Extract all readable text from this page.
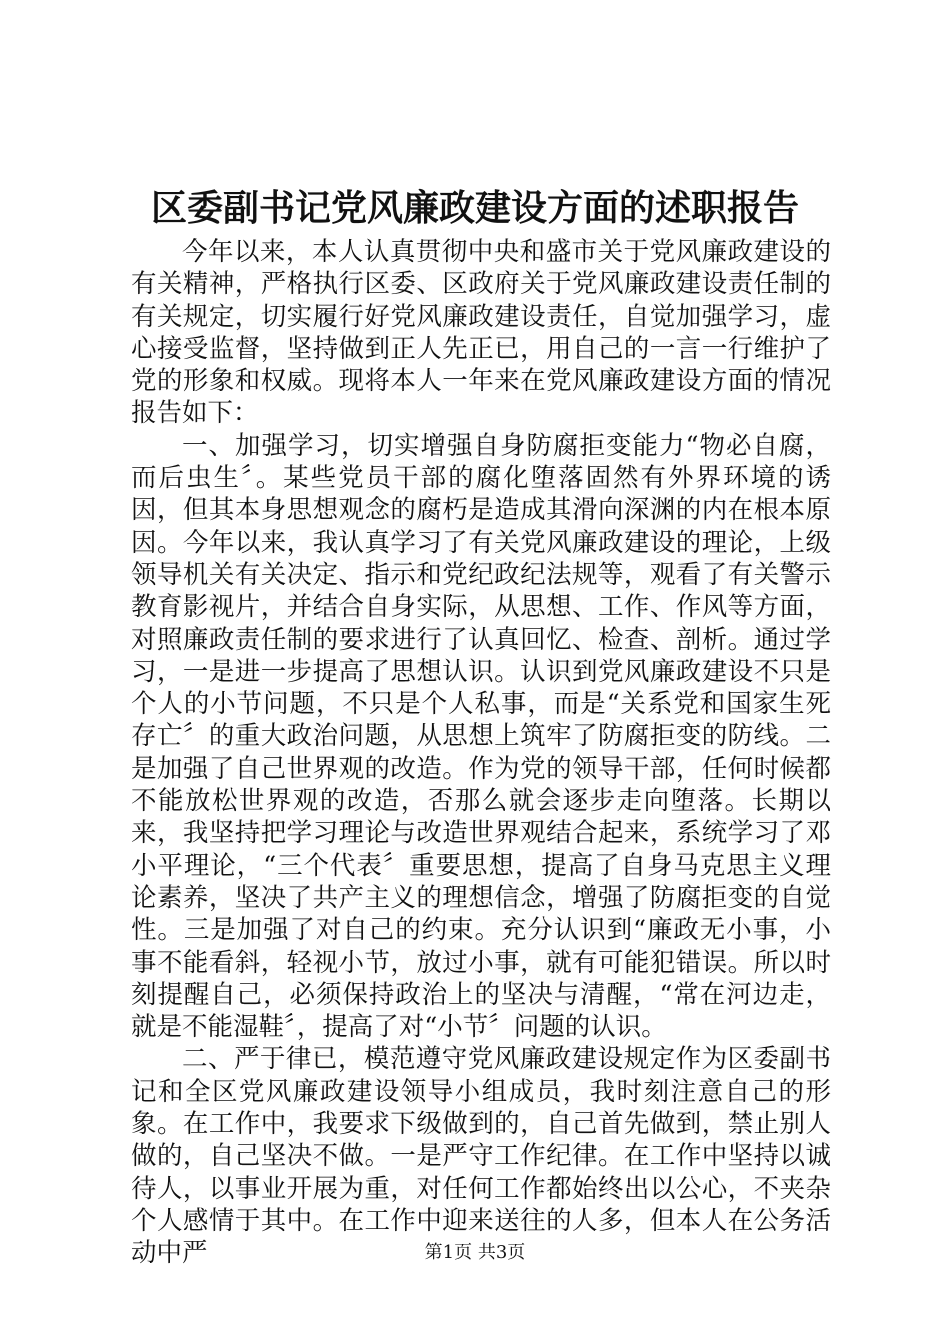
区委副书记党风廉政建设方面的述职报告

今年以来，本人认真贯彻中央和盛市关于党风廉政建设的有关精神，严格执行区委、区政府关于党风廉政建设责任制的有关规定，切实履行好党风廉政建设责任，自觉加强学习，虚心接受监督，坚持做到正人先正已，用自己的一言一行维护了党的形象和权威。现将本人一年来在党风廉政建设方面的情况报告如下：

一、加强学习，切实增强自身防腐拒变能力“物必自腐，而后虫生〞。某些党员干部的腐化堕落固然有外界环境的诱因，但其本身思想观念的腐朽是造成其滑向深渊的内在根本原因。今年以来，我认真学习了有关党风廉政建设的理论，上级领导机关有关决定、指示和党纪政纪法规等，观看了有关警示教育影视片，并结合自身实际，从思想、工作、作风等方面，对照廉政责任制的要求进行了认真回忆、检查、剖析。通过学习，一是进一步提高了思想认识。认识到党风廉政建设不只是个人的小节问题，不只是个人私事，而是“关系党和国家生死存亡〞的重大政治问题，从思想上筑牢了防腐拒变的防线。二是加强了自己世界观的改造。作为党的领导干部，任何时候都不能放松世界观的改造，否那么就会逐步走向堕落。长期以来，我坚持把学习理论与改造世界观结合起来，系统学习了邓小平理论，“三个代表〞重要思想，提高了自身马克思主义理论素养，坚决了共产主义的理想信念，增强了防腐拒变的自觉性。三是加强了对自己的约束。充分认识到“廉政无小事，小事不能看斜，轻视小节，放过小事，就有可能犯错误。所以时刻提醒自己，必须保持政治上的坚决与清醒，“常在河边走，就是不能湿鞋〞，提高了对“小节〞问题的认识。

二、严于律已，模范遵守党风廉政建设规定作为区委副书记和全区党风廉政建设领导小组成员，我时刻注意自己的形象。在工作中，我要求下级做到的，自己首先做到，禁止别人做的，自己坚决不做。一是严守工作纪律。在工作中坚持以诚待人，以事业开展为重，对任何工作都始终出以公心，不夹杂个人感情于其中。在工作中迎来送往的人多，但本人在公务活动中严	第1页 共3页
